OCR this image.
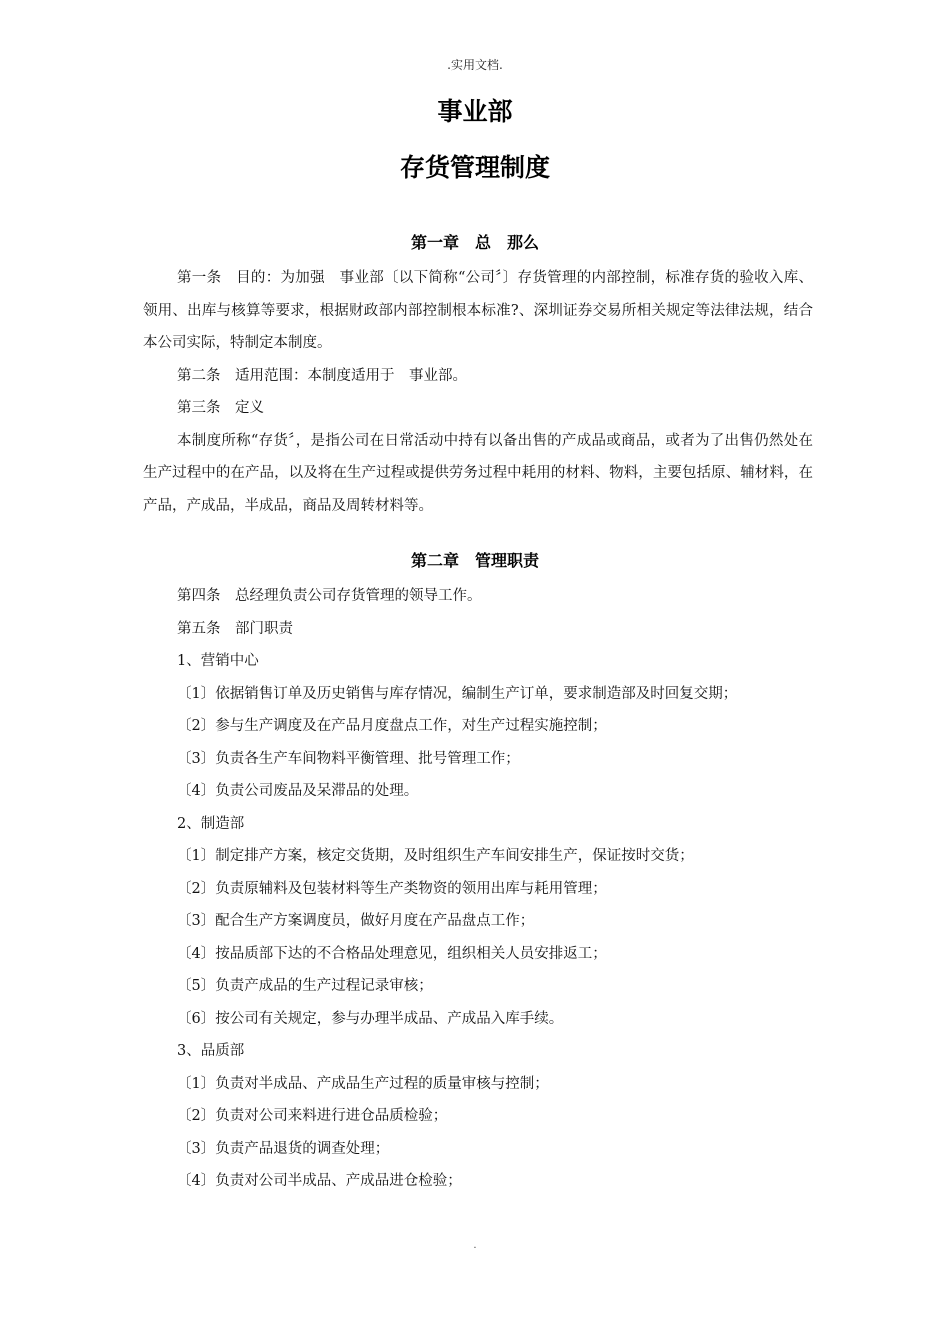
.实用文档.
事业部
存货管理制度
第一章　总　那么

第一条　目的：为加强　事业部〔以下简称“公司〞〕存货管理的内部控制，标准存货的验收入库、领用、出库与核算等要求，根据财政部内部控制根本标准?、深圳证券交易所相关规定等法律法规，结合本公司实际，特制定本制度。

第二条　适用范围：本制度适用于　事业部。

第三条　定义

本制度所称“存货〞，是指公司在日常活动中持有以备出售的产成品或商品，或者为了出售仍然处在生产过程中的在产品，以及将在生产过程或提供劳务过程中耗用的材料、物料，主要包括原、辅材料，在产品，产成品，半成品，商品及周转材料等。

第二章　管理职责

第四条　总经理负责公司存货管理的领导工作。

第五条　部门职责

1、营销中心

〔1〕依据销售订单及历史销售与库存情况，编制生产订单，要求制造部及时回复交期；

〔2〕参与生产调度及在产品月度盘点工作，对生产过程实施控制；

〔3〕负责各生产车间物料平衡管理、批号管理工作；

〔4〕负责公司废品及呆滞品的处理。

2、制造部

〔1〕制定排产方案，核定交货期，及时组织生产车间安排生产，保证按时交货；

〔2〕负责原辅料及包装材料等生产类物资的领用出库与耗用管理；

〔3〕配合生产方案调度员，做好月度在产品盘点工作；

〔4〕按品质部下达的不合格品处理意见，组织相关人员安排返工；

〔5〕负责产成品的生产过程记录审核；

〔6〕按公司有关规定，参与办理半成品、产成品入库手续。

3、品质部

〔1〕负责对半成品、产成品生产过程的质量审核与控制；

〔2〕负责对公司来料进行进仓品质检验；

〔3〕负责产品退货的调查处理；

〔4〕负责对公司半成品、产成品进仓检验；

.
